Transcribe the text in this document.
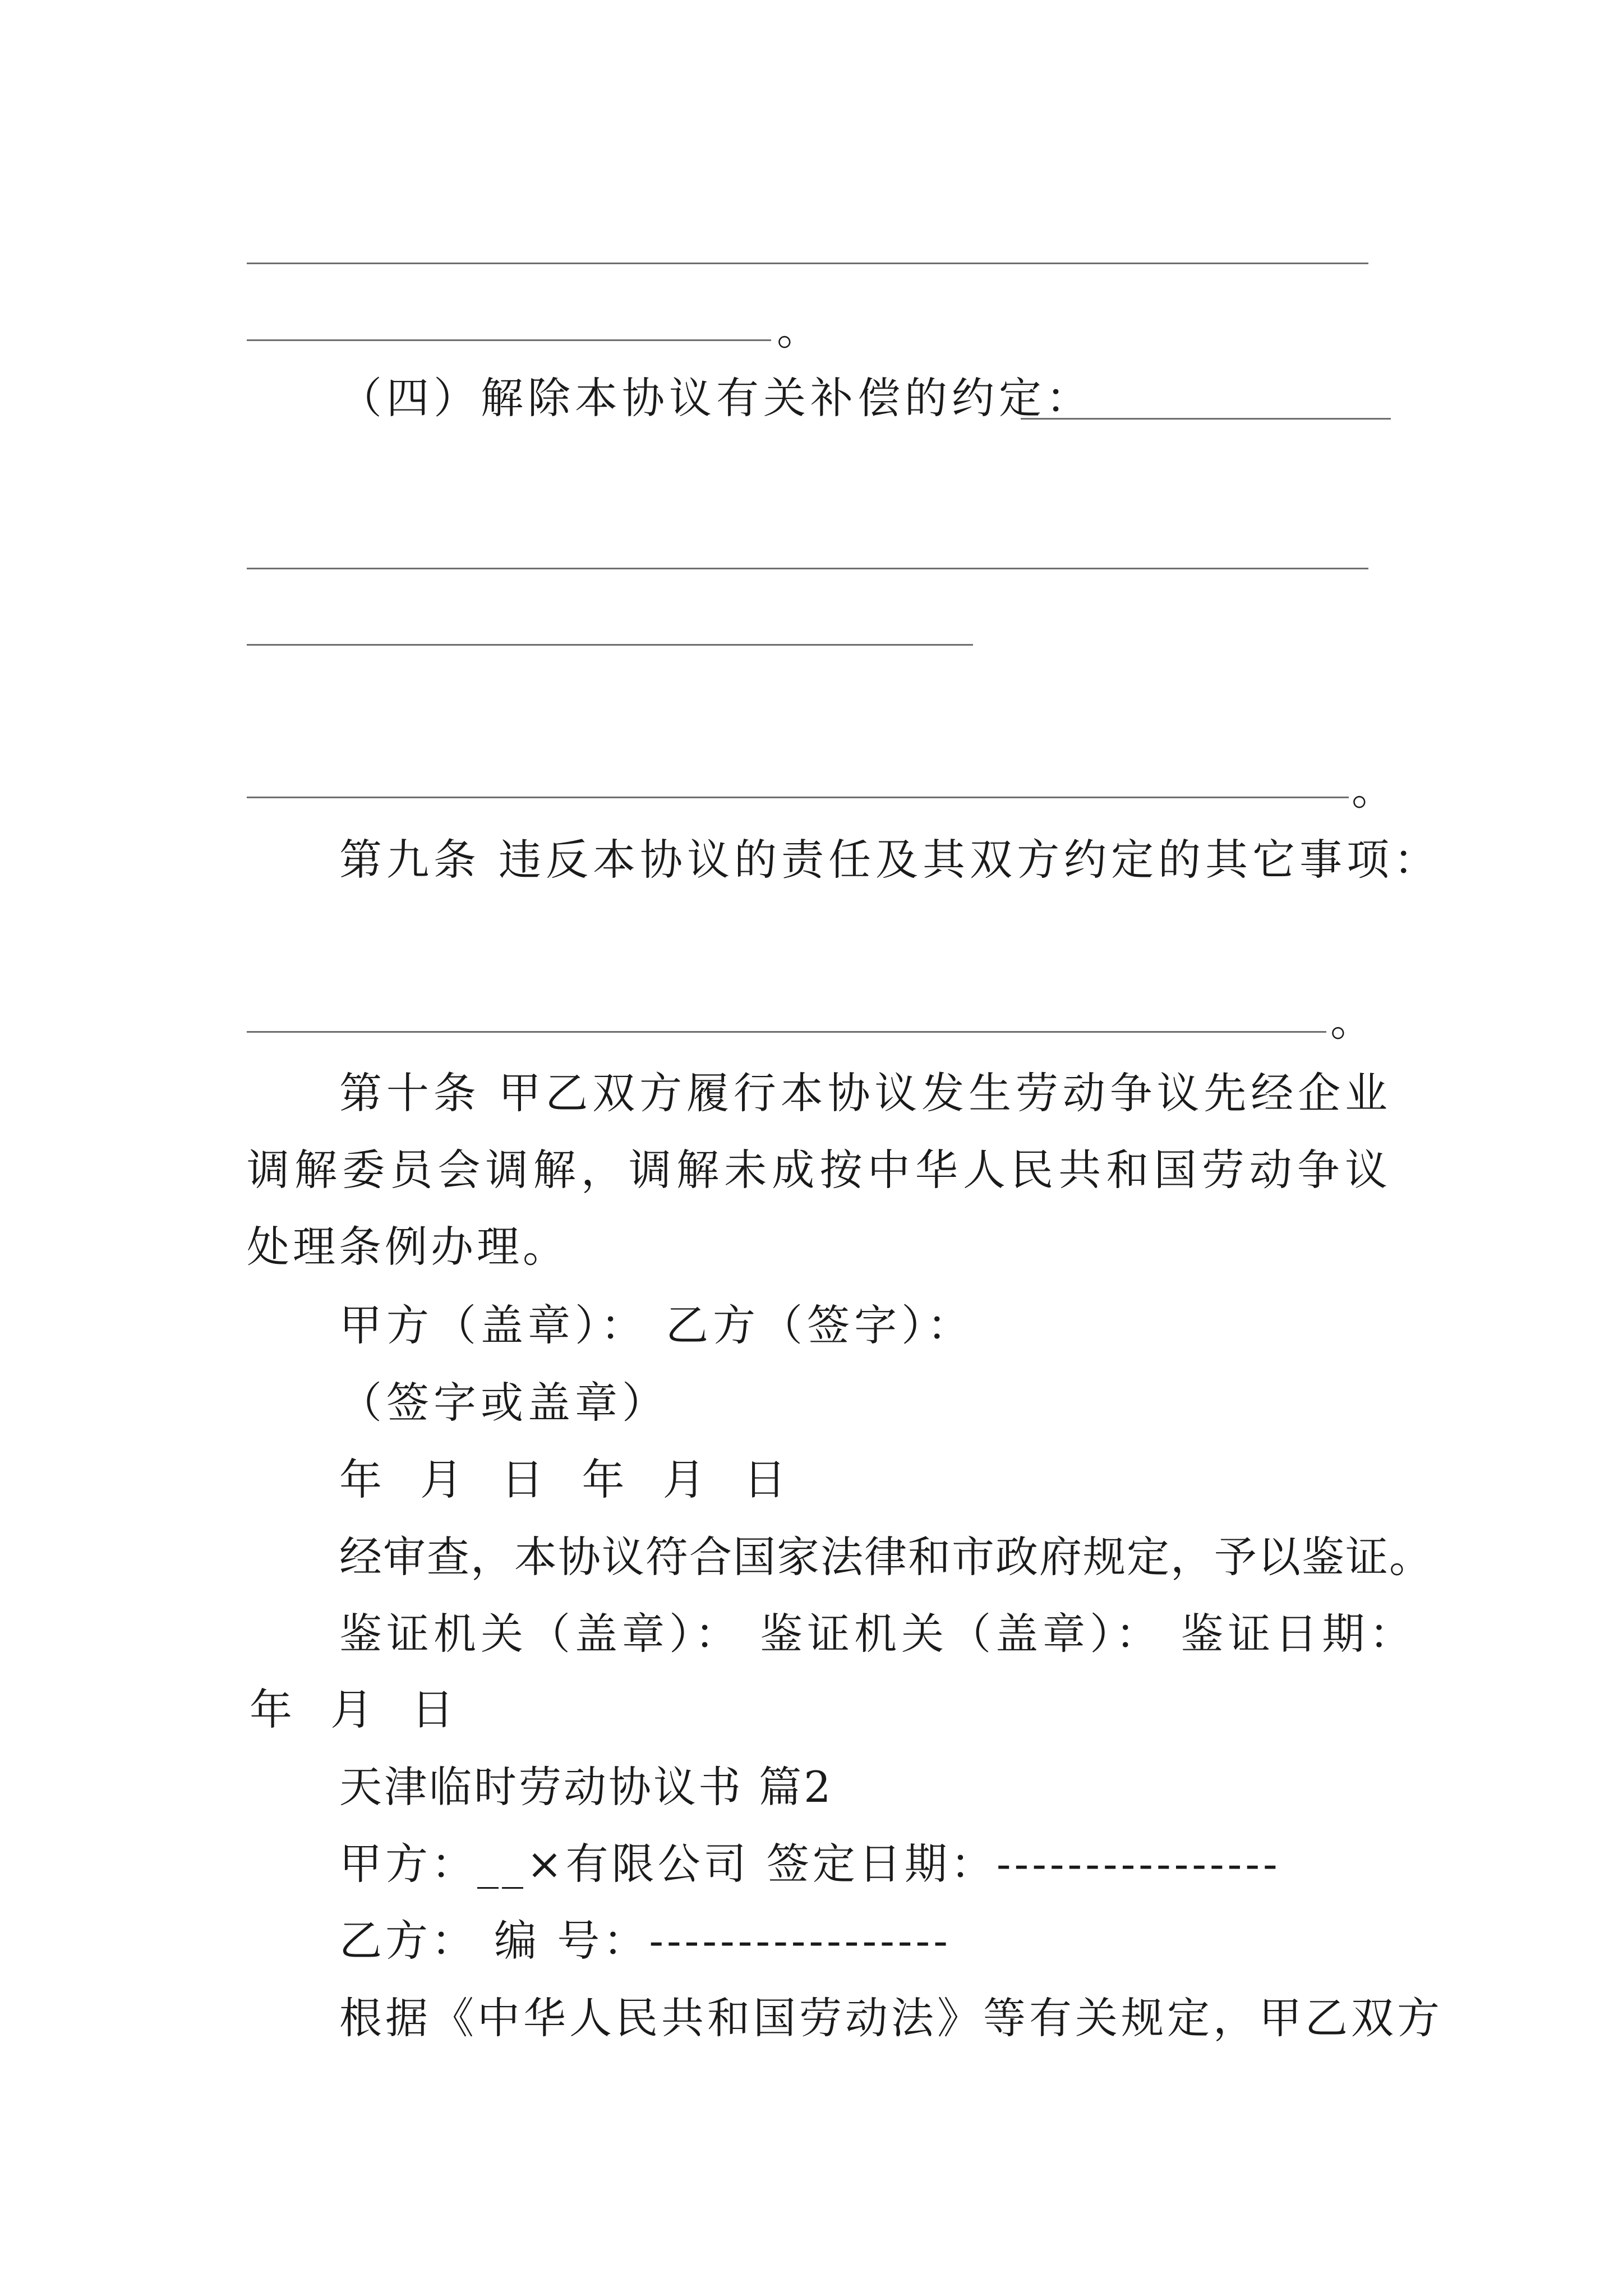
。
（四）解除本协议有关补偿的约定：
。
第九条 违反本协议的责任及其双方约定的其它事项：
。
第十条 甲乙双方履行本协议发生劳动争议先经企业调解委员会调解，调解未成按中华人民共和国劳动争议处理条例办理。
甲方（盖章）： 乙方（签字）：
（签字或盖章）
年 月 日 年 月 日
经审查，本协议符合国家法律和市政府规定，予以鉴证。
鉴证机关（盖章）： 鉴证机关（盖章）： 鉴证日期：
年 月 日
天津临时劳动协议书 篇2
甲方：__×有限公司 签定日期：----------------
乙方： 编 号：-----------------
根据《中华人民共和国劳动法》等有关规定，甲乙双方
